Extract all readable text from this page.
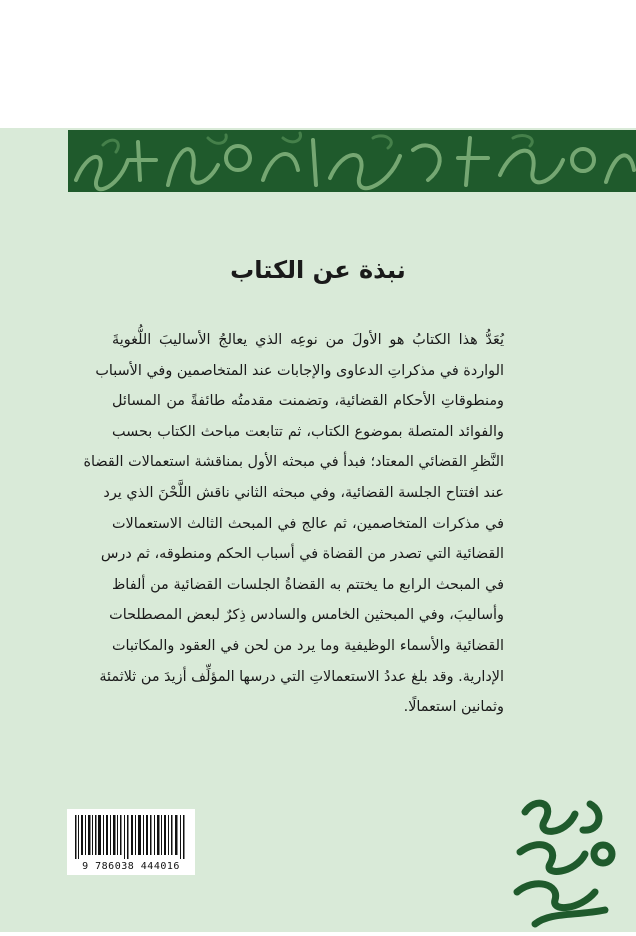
نبذة عن الكتاب
يُعَدُّ هذا الكتابُ هو الأولَ من نوعِه الذي يعالجُ الأساليبَ اللُّغويةَ
الواردة في مذكراتِ الدعاوى والإجابات عند المتخاصمين وفي الأسباب
ومنطوقاتِ الأحكام القضائية، وتضمنت مقدمتُه طائفةً من المسائل
والفوائد المتصلة بموضوع الكتاب، ثم تتابعت مباحث الكتاب بحسب
النَّظرِ القضائي المعتاد؛ فبدأ في مبحثه الأول بمناقشة استعمالات القضاة
عند افتتاح الجلسة القضائية، وفي مبحثه الثاني ناقش اللَّحْنَ الذي يرد
في مذكرات المتخاصمين، ثم عالج في المبحث الثالث الاستعمالات
القضائية التي تصدر من القضاة في أسباب الحكم ومنطوقه، ثم درس
في المبحث الرابع ما يختتم به القضاةُ الجلسات القضائية من ألفاظ
وأساليبَ، وفي المبحثين الخامس والسادس ذِكرٌ لبعض المصطلحات
القضائية والأسماء الوظيفية وما يرد من لحن في العقود والمكاتبات
الإدارية. وقد بلغ عددُ الاستعمالاتِ التي درسها المؤلِّف أزيدَ من ثلاثمئة
وثمانين استعمالًا.
9 786038 444016
